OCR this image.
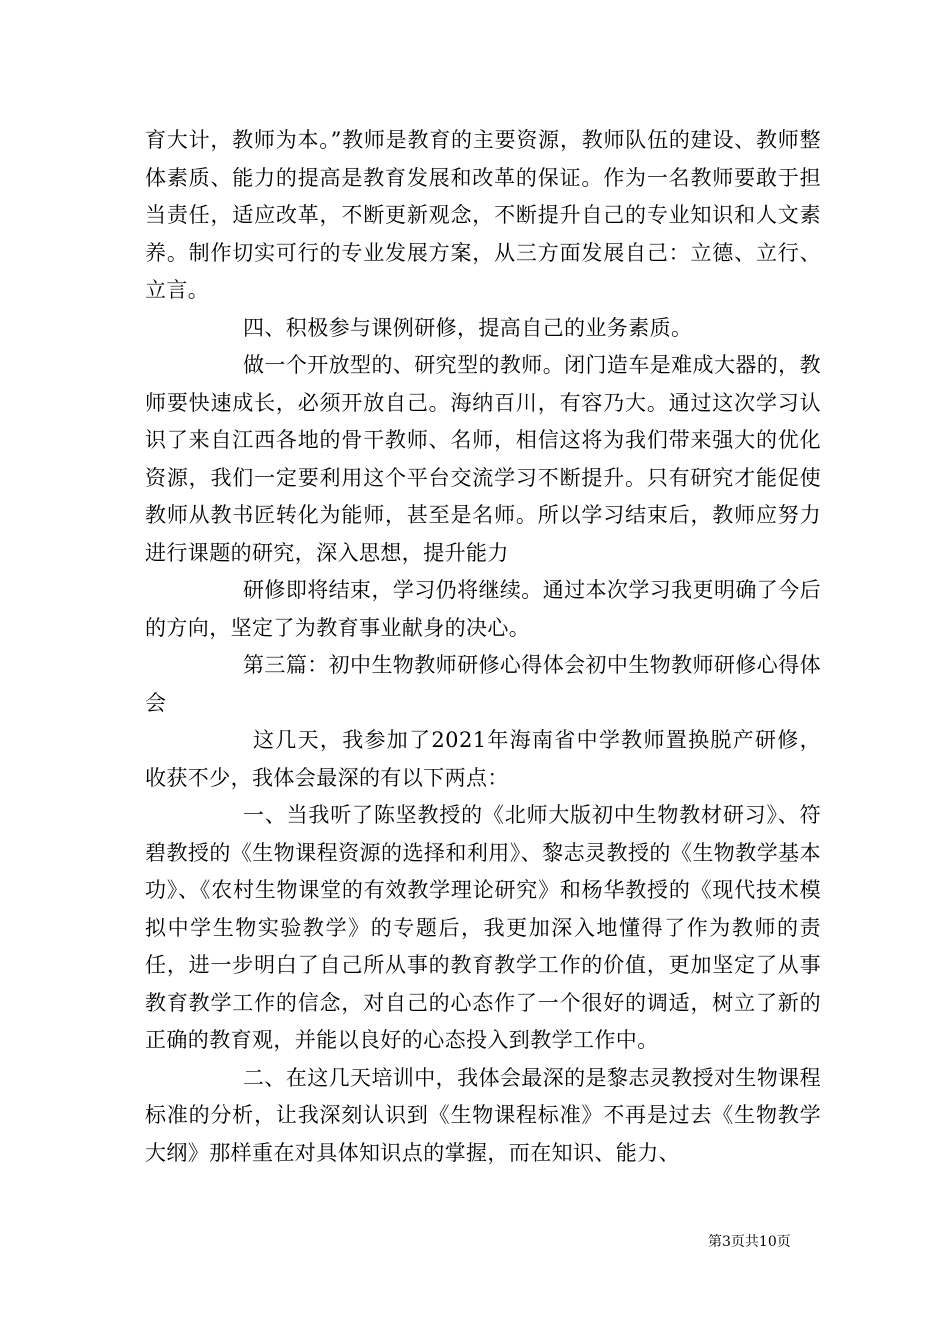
育大计，教师为本。”教师是教育的主要资源，教师队伍的建设、教师整体素质、能力的提高是教育发展和改革的保证。作为一名教师要敢于担当责任，适应改革，不断更新观念，不断提升自己的专业知识和人文素养。制作切实可行的专业发展方案，从三方面发展自己：立德、立行、立言。

四、积极参与课例研修，提高自己的业务素质。

做一个开放型的、研究型的教师。闭门造车是难成大器的，教师要快速成长，必须开放自己。海纳百川，有容乃大。通过这次学习认识了来自江西各地的骨干教师、名师，相信这将为我们带来强大的优化资源，我们一定要利用这个平台交流学习不断提升。只有研究才能促使教师从教书匠转化为能师，甚至是名师。所以学习结束后，教师应努力进行课题的研究，深入思想，提升能力

研修即将结束，学习仍将继续。通过本次学习我更明确了今后的方向，坚定了为教育事业献身的决心。

第三篇：初中生物教师研修心得体会初中生物教师研修心得体会

这几天，我参加了2021年海南省中学教师置换脱产研修，收获不少，我体会最深的有以下两点：

一、当我听了陈坚教授的《北师大版初中生物教材研习》、符碧教授的《生物课程资源的选择和利用》、黎志灵教授的《生物教学基本功》、《农村生物课堂的有效教学理论研究》和杨华教授的《现代技术模拟中学生物实验教学》的专题后，我更加深入地懂得了作为教师的责任，进一步明白了自己所从事的教育教学工作的价值，更加坚定了从事教育教学工作的信念，对自己的心态作了一个很好的调适，树立了新的正确的教育观，并能以良好的心态投入到教学工作中。

二、在这几天培训中，我体会最深的是黎志灵教授对生物课程标准的分析，让我深刻认识到《生物课程标准》不再是过去《生物教学大纲》那样重在对具体知识点的掌握，而在知识、能力、

第3页共10页
